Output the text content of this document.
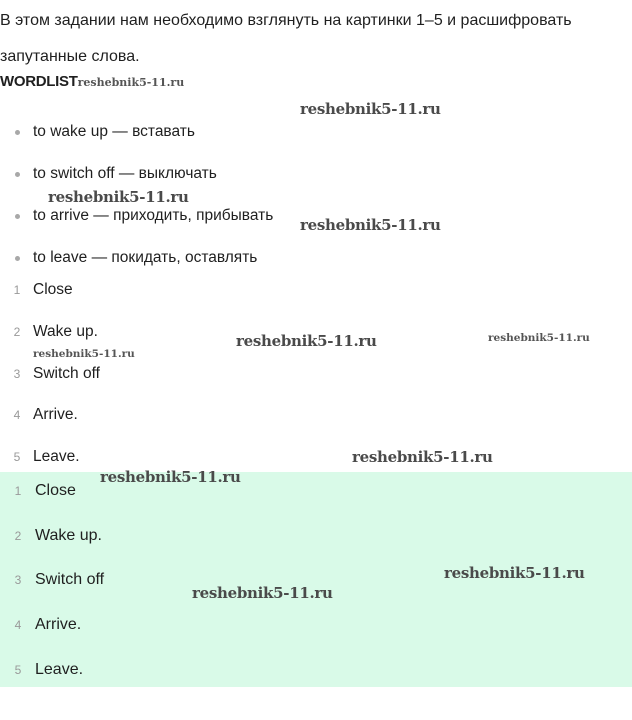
В этом задании нам необходимо взглянуть на картинки 1–5 и расшифровать запутанные слова.

WORDLISTreshebnik5-11.ru
to wake up — вставать
to switch off — выключать
to arrive — приходить, прибывать
to leave — покидать, оставлять
1 Close
2 Wake up.
3 Switch off
4 Arrive.
5 Leave.
1 Close
2 Wake up.
3 Switch off
4 Arrive.
5 Leave.
reshebnik5-11.ru
reshebnik5-11.ru
reshebnik5-11.ru
reshebnik5-11.ru	reshebnik5-11.ru
reshebnik5-11.ru
reshebnik5-11.ru
reshebnik5-11.ru
reshebnik5-11.ru
reshebnik5-11.ru
